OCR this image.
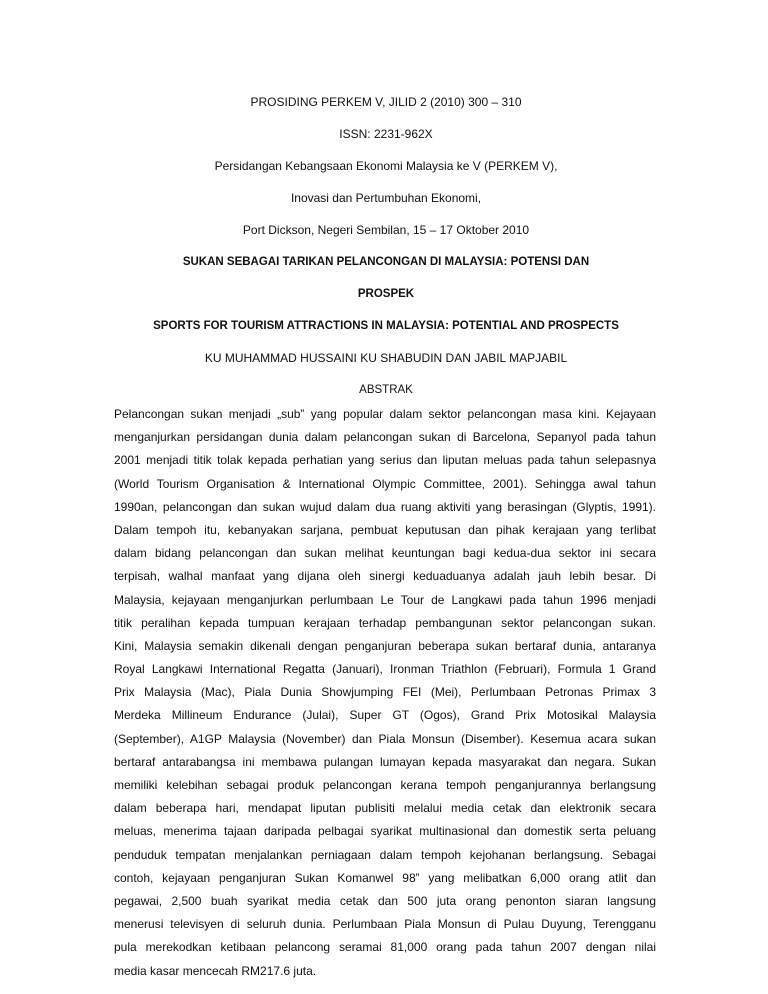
PROSIDING PERKEM V, JILID 2 (2010) 300 – 310
ISSN: 2231-962X
Persidangan Kebangsaan Ekonomi Malaysia ke V (PERKEM V),
Inovasi dan Pertumbuhan Ekonomi,
Port Dickson, Negeri Sembilan, 15 – 17 Oktober 2010
SUKAN SEBAGAI TARIKAN PELANCONGAN DI MALAYSIA: POTENSI DAN
PROSPEK
SPORTS FOR TOURISM ATTRACTIONS IN MALAYSIA: POTENTIAL AND PROSPECTS
KU MUHAMMAD HUSSAINI KU SHABUDIN DAN JABIL MAPJABIL
ABSTRAK
Pelancongan sukan menjadi „sub‟ yang popular dalam sektor pelancongan masa kini. Kejayaan
menganjurkan persidangan dunia dalam pelancongan sukan di Barcelona, Sepanyol pada tahun
2001 menjadi titik tolak kepada perhatian yang serius dan liputan meluas pada tahun selepasnya
(World Tourism Organisation & International Olympic Committee, 2001). Sehingga awal tahun
1990an, pelancongan dan sukan wujud dalam dua ruang aktiviti yang berasingan (Glyptis, 1991).
Dalam tempoh itu, kebanyakan sarjana, pembuat keputusan dan pihak kerajaan yang terlibat
dalam bidang pelancongan dan sukan melihat keuntungan bagi kedua-dua sektor ini secara
terpisah, walhal manfaat yang dijana oleh sinergi keduaduanya adalah jauh lebih besar. Di
Malaysia, kejayaan menganjurkan perlumbaan Le Tour de Langkawi pada tahun 1996 menjadi
titik peralihan kepada tumpuan kerajaan terhadap pembangunan sektor pelancongan sukan.
Kini, Malaysia semakin dikenali dengan penganjuran beberapa sukan bertaraf dunia, antaranya
Royal Langkawi International Regatta (Januari), Ironman Triathlon (Februari), Formula 1 Grand
Prix Malaysia (Mac), Piala Dunia Showjumping FEI (Mei), Perlumbaan Petronas Primax 3
Merdeka Millineum Endurance (Julai), Super GT (Ogos), Grand Prix Motosikal Malaysia
(September), A1GP Malaysia (November) dan Piala Monsun (Disember). Kesemua acara sukan
bertaraf antarabangsa ini membawa pulangan lumayan kepada masyarakat dan negara. Sukan
memiliki kelebihan sebagai produk pelancongan kerana tempoh penganjurannya berlangsung
dalam beberapa hari, mendapat liputan publisiti melalui media cetak dan elektronik secara
meluas, menerima tajaan daripada pelbagai syarikat multinasional dan domestik serta peluang
penduduk tempatan menjalankan perniagaan dalam tempoh kejohanan berlangsung. Sebagai
contoh, kejayaan penganjuran Sukan Komanwel 98‟ yang melibatkan 6,000 orang atlit dan
pegawai, 2,500 buah syarikat media cetak dan 500 juta orang penonton siaran langsung
menerusi televisyen di seluruh dunia. Perlumbaan Piala Monsun di Pulau Duyung, Terengganu
pula merekodkan ketibaan pelancong seramai 81,000 orang pada tahun 2007 dengan nilai
media kasar mencecah RM217.6 juta.
